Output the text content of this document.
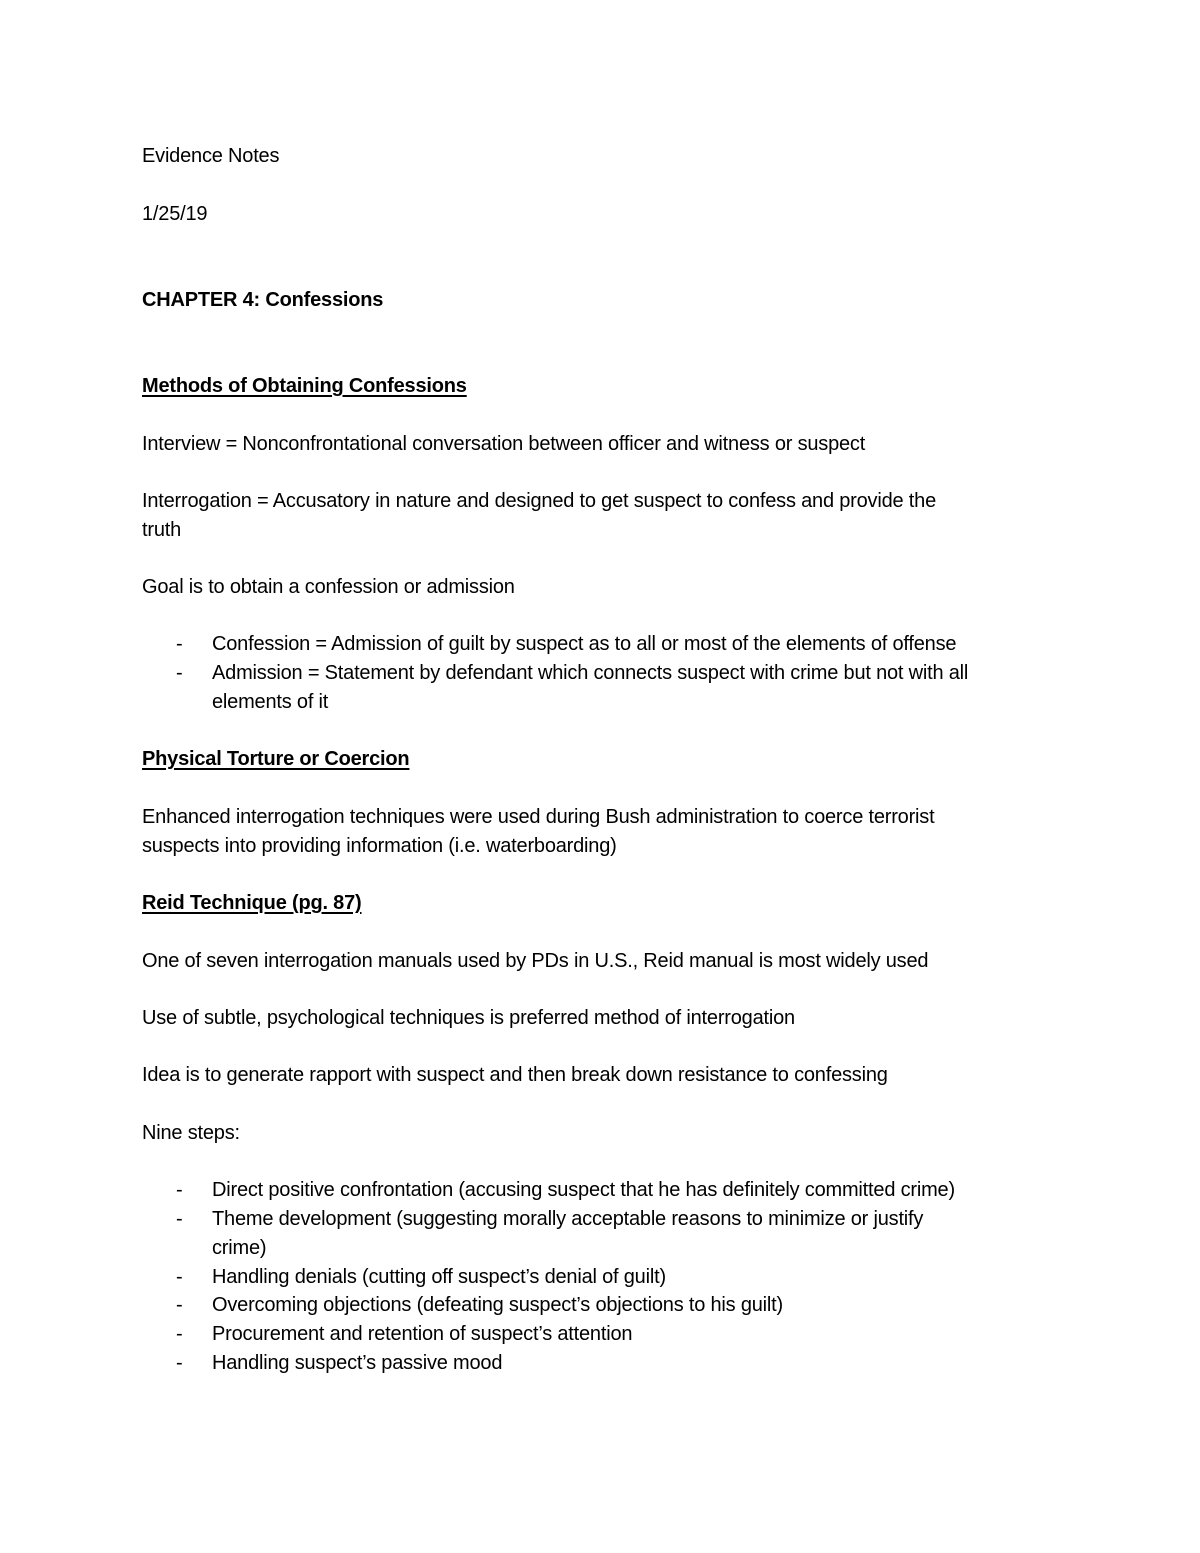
Evidence Notes
1/25/19
CHAPTER 4: Confessions
Methods of Obtaining Confessions
Interview = Nonconfrontational conversation between officer and witness or suspect
Interrogation = Accusatory in nature and designed to get suspect to confess and provide the
truth
Goal is to obtain a confession or admission
- Confession = Admission of guilt by suspect as to all or most of the elements of offense
- Admission = Statement by defendant which connects suspect with crime but not with all
elements of it
Physical Torture or Coercion
Enhanced interrogation techniques were used during Bush administration to coerce terrorist
suspects into providing information (i.e. waterboarding)
Reid Technique (pg. 87)
One of seven interrogation manuals used by PDs in U.S., Reid manual is most widely used
Use of subtle, psychological techniques is preferred method of interrogation
Idea is to generate rapport with suspect and then break down resistance to confessing
Nine steps:
- Direct positive confrontation (accusing suspect that he has definitely committed crime)
- Theme development (suggesting morally acceptable reasons to minimize or justify
crime)
- Handling denials (cutting off suspect’s denial of guilt)
- Overcoming objections (defeating suspect’s objections to his guilt)
- Procurement and retention of suspect’s attention
- Handling suspect’s passive mood
